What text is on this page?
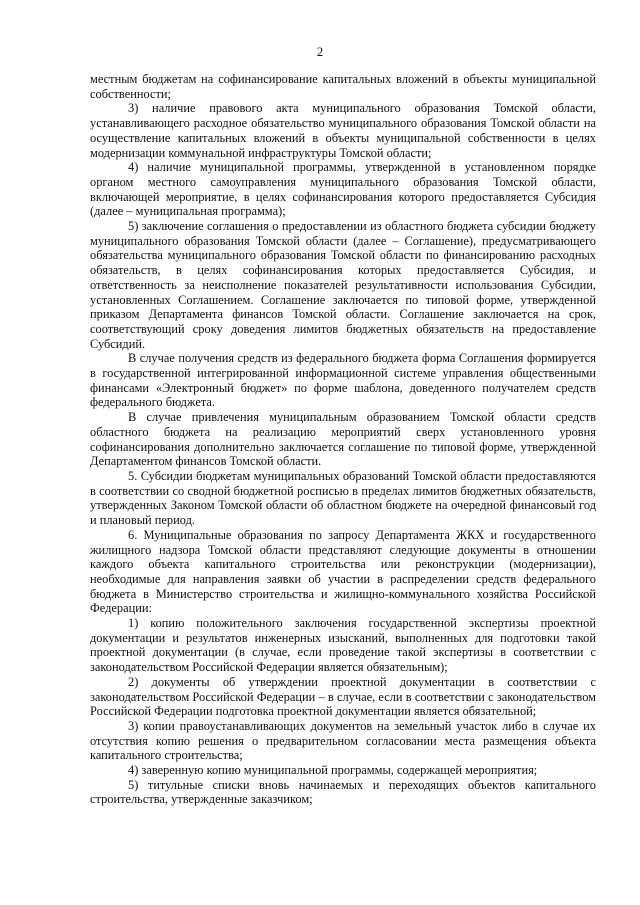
2

местным бюджетам на софинансирование капитальных вложений в объекты муниципальной собственности;

3) наличие правового акта муниципального образования Томской области, устанавливающего расходное обязательство муниципального образования Томской области на осуществление капитальных вложений в объекты муниципальной собственности в целях модернизации коммунальной инфраструктуры Томской области;

4) наличие муниципальной программы, утвержденной в установленном порядке органом местного самоуправления муниципального образования Томской области, включающей мероприятие, в целях софинансирования которого предоставляется Субсидия (далее – муниципальная программа);

5) заключение соглашения о предоставлении из областного бюджета субсидии бюджету муниципального образования Томской области (далее – Соглашение), предусматривающего обязательства муниципального образования Томской области по финансированию расходных обязательств, в целях софинансирования которых предоставляется Субсидия, и ответственность за неисполнение показателей результативности использования Субсидии, установленных Соглашением. Соглашение заключается по типовой форме, утвержденной приказом Департамента финансов Томской области. Соглашение заключается на срок, соответствующий сроку доведения лимитов бюджетных обязательств на предоставление Субсидий.

В случае получения средств из федерального бюджета форма Соглашения формируется в государственной интегрированной информационной системе управления общественными финансами «Электронный бюджет» по форме шаблона, доведенного получателем средств федерального бюджета.

В случае привлечения муниципальным образованием Томской области средств областного бюджета на реализацию мероприятий сверх установленного уровня софинансирования дополнительно заключается соглашение по типовой форме, утвержденной Департаментом финансов Томской области.

5. Субсидии бюджетам муниципальных образований Томской области предоставляются в соответствии со сводной бюджетной росписью в пределах лимитов бюджетных обязательств, утвержденных Законом Томской области об областном бюджете на очередной финансовый год и плановый период.

6. Муниципальные образования по запросу Департамента ЖКХ и государственного жилищного надзора Томской области представляют следующие документы в отношении каждого объекта капитального строительства или реконструкции (модернизации), необходимые для направления заявки об участии в распределении средств федерального бюджета в Министерство строительства и жилищно-коммунального хозяйства Российской Федерации:

1) копию положительного заключения государственной экспертизы проектной документации и результатов инженерных изысканий, выполненных для подготовки такой проектной документации (в случае, если проведение такой экспертизы в соответствии с законодательством Российской Федерации является обязательным);

2) документы об утверждении проектной документации в соответствии с законодательством Российской Федерации – в случае, если в соответствии с законодательством Российской Федерации подготовка проектной документации является обязательной;

3) копии правоустанавливающих документов на земельный участок либо в случае их отсутствия копию решения о предварительном согласовании места размещения объекта капитального строительства;

4) заверенную копию муниципальной программы, содержащей мероприятия;

5) титульные списки вновь начинаемых и переходящих объектов капитального строительства, утвержденные заказчиком;
